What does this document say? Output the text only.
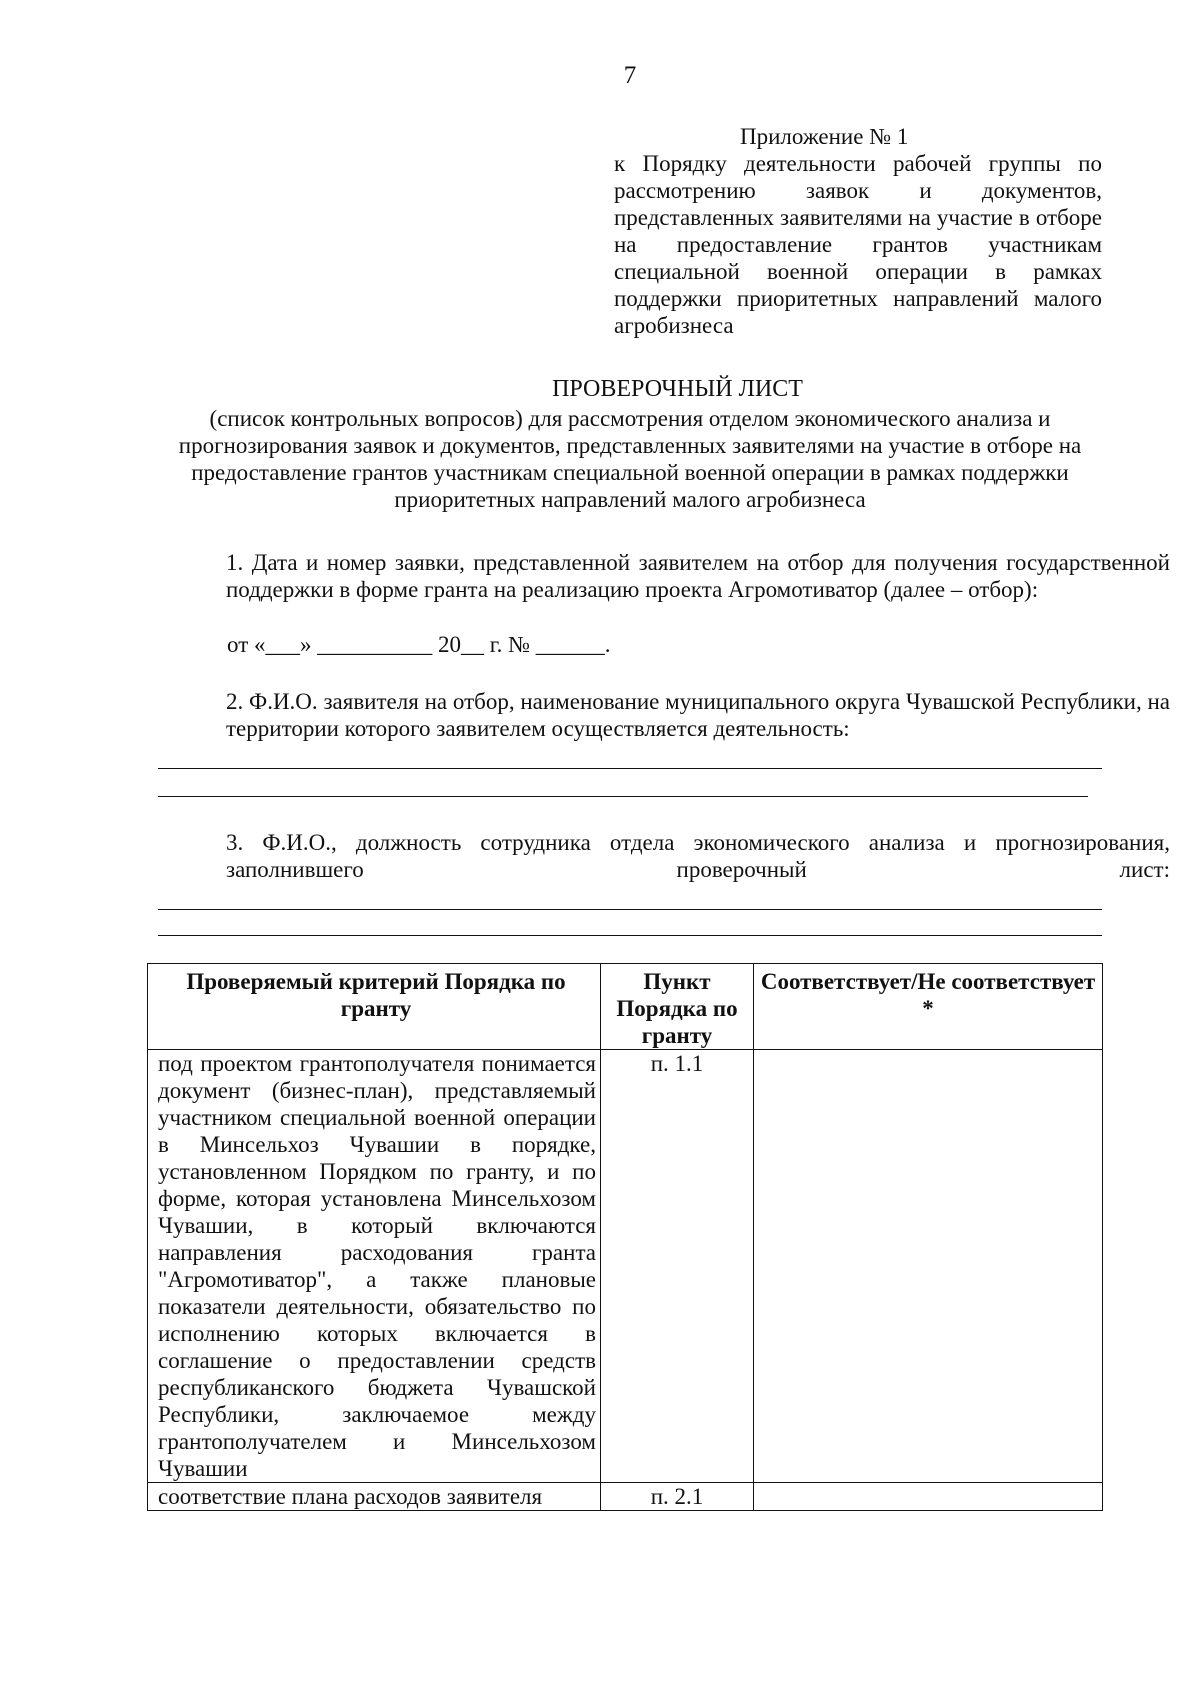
7
Приложение № 1
к Порядку деятельности рабочей группы по рассмотрению заявок и документов, представленных заявителями на участие в отборе на предоставление грантов участникам специальной военной операции в рамках поддержки приоритетных направлений малого агробизнеса
ПРОВЕРОЧНЫЙ ЛИСТ
(список контрольных вопросов) для рассмотрения отделом экономического анализа и прогнозирования заявок и документов, представленных заявителями на участие в отборе на предоставление грантов участникам специальной военной операции в рамках поддержки приоритетных направлений малого агробизнеса
1. Дата и номер заявки, представленной заявителем на отбор для получения государственной поддержки в форме гранта на реализацию проекта Агромотиватор (далее – отбор):
от «___» __________ 20__ г. № ______.
2. Ф.И.О. заявителя на отбор, наименование муниципального округа Чувашской Республики, на территории которого заявителем осуществляется деятельность:
3. Ф.И.О., должность сотрудника отдела экономического анализа и прогнозирования, заполнившего проверочный лист:
Проверяемый критерий Порядка по гранту	Пункт Порядка по гранту	Соответствует/Не соответствует *
под проектом грантополучателя понимается документ (бизнес-план), представляемый участником специальной военной операции в Минсельхоз Чувашии в порядке, установленном Порядком по гранту, и по форме, которая установлена Минсельхозом Чувашии, в который включаются направления расходования гранта "Агромотиватор", а также плановые показатели деятельности, обязательство по исполнению которых включается в соглашение о предоставлении средств республиканского бюджета Чувашской Республики, заключаемое между грантополучателем и Минсельхозом Чувашии	п. 1.1	

соответствие плана расходов заявителя	п. 2.1	
